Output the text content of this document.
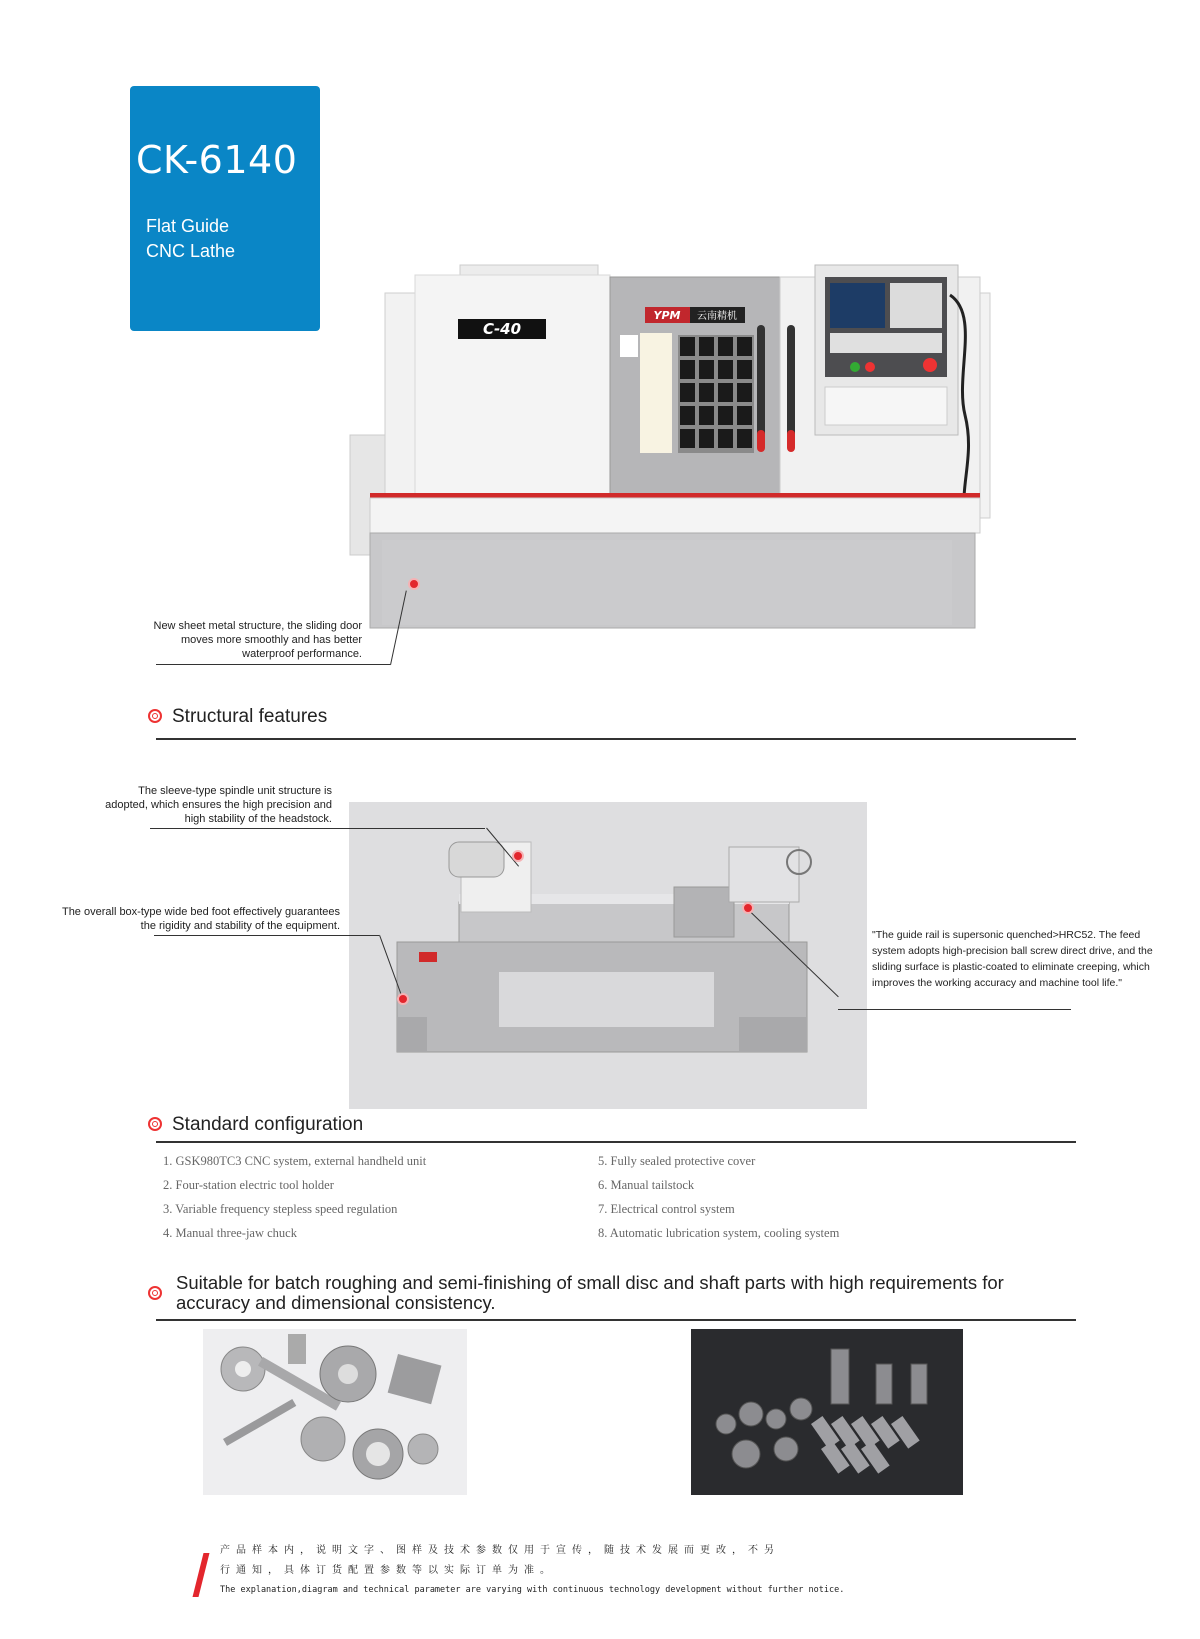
CK-6140
Flat Guide
CNC Lathe
C-40
YPM 云南精机
New sheet metal structure, the sliding door moves more smoothly and has better waterproof performance.
Structural features
The sleeve-type spindle unit structure is adopted, which ensures the high precision and high stability of the headstock.
The overall box-type wide bed foot effectively guarantees the rigidity and stability of the equipment.
"The guide rail is supersonic quenched>HRC52. The feed system adopts high-precision ball screw direct drive, and the sliding surface is plastic-coated to eliminate creeping, which improves the working accuracy and machine tool life."
Standard configuration
1. GSK980TC3 CNC system, external handheld unit
2. Four-station electric tool holder
3. Variable frequency stepless speed regulation
4. Manual three-jaw chuck
5. Fully sealed protective cover
6. Manual tailstock
7. Electrical control system
8. Automatic lubrication system, cooling system
Suitable for batch roughing and semi-finishing of small disc and shaft parts with high requirements for accuracy and dimensional consistency.
产品样本内，说明文字、图样及技术参数仅用于宣传，随技术发展而更改，不另
行通知，具体订货配置参数等以实际订单为准。
The explanation,diagram and technical parameter are varying with continuous technology development without further notice.
